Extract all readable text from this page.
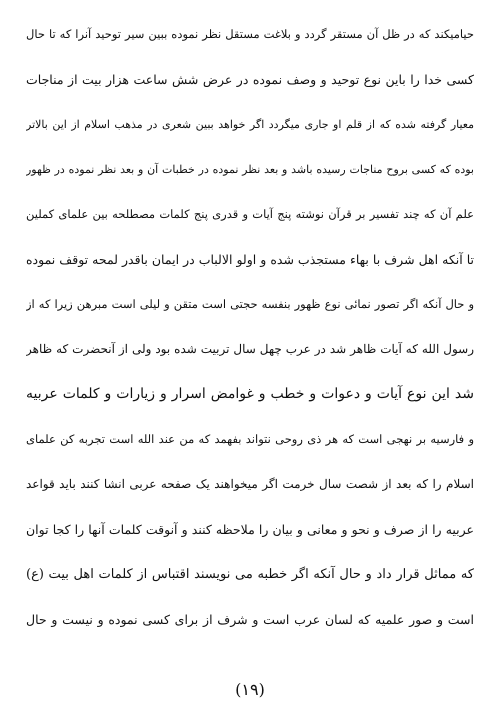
حیامیکند که در ظل آن مستقر گردد و بلاغت مستقل نظر نموده ببین سیر توحید آنرا که تا حال
کسی خدا را باین نوع توحید و وصف نموده در عرض شش ساعت هزار بیت از مناجات
معیار گرفته شده که از قلم او جاری میگردد اگر خواهد ببین شعری در مذهب اسلام از این بالاتر
بوده که کسی بروح مناجات رسیده باشد و بعد نظر نموده در خطبات آن و بعد نظر نموده در ظهور
علم آن که چند تفسیر بر قرآن نوشته پنج آیات و قدری پنج کلمات مصطلحه بین علمای کملین
تا آنکه اهل شرف با بهاء مستجذب شده و اولو الالباب در ایمان باقدر لمحه توقف نموده
و حال آنکه اگر تصور نمائی نوع ظهور بنفسه حجتی است متقن و لیلی است مبرهن زیرا که از
رسول الله که آیات ظاهر شد در عرب چهل سال تربیت شده بود ولی از آنحضرت که ظاهر
شد این نوع آیات و دعوات و خطب و غوامض اسرار و زیارات و کلمات عربیه
و فارسیه بر نهجی است که هر ذی روحی نتواند بفهمد که من عند الله است تجربه کن علمای
اسلام را که بعد از شصت سال خرمت اگر میخواهند یک صفحه عربی انشا کنند باید قواعد
عربیه را از صرف و نحو و معانی و بیان را ملاحظه کنند و آنوقت کلمات آنها را کجا توان
که مماثل قرار داد و حال آنکه اگر خطبه می نویسند اقتباس از کلمات اهل بیت (ع)
است و صور علمیه که لسان عرب است و شرف از برای کسی نموده و نیست و حال
(۱۹)
